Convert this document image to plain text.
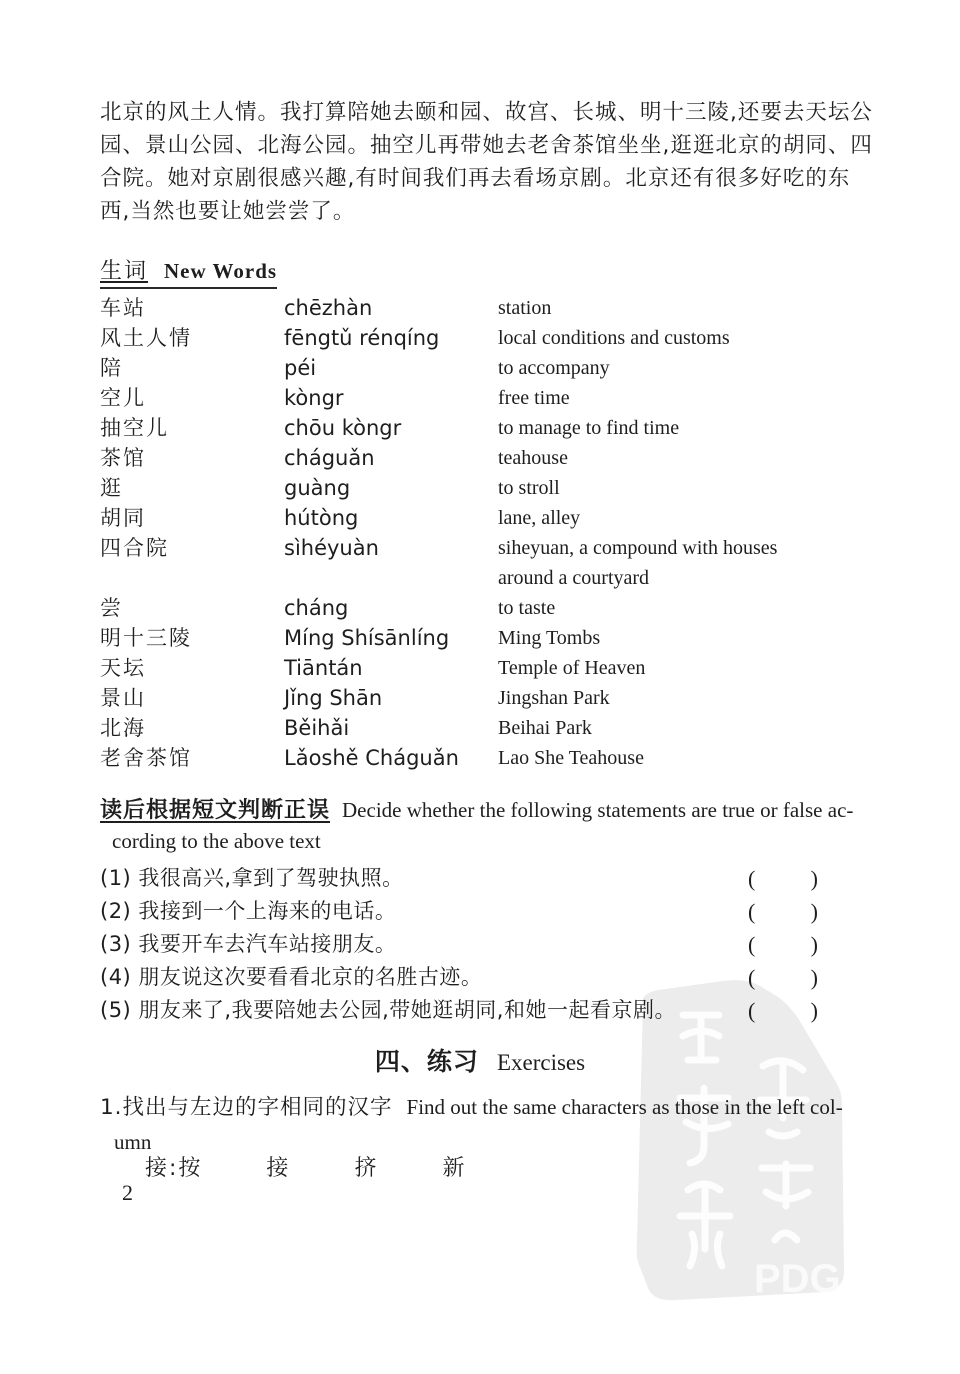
PDG
北京的风土人情。我打算陪她去颐和园、故宫、长城、明十三陵,还要去天坛公
园、景山公园、北海公园。抽空儿再带她去老舍茶馆坐坐,逛逛北京的胡同、四
合院。她对京剧很感兴趣,有时间我们再去看场京剧。北京还有很多好吃的东
西,当然也要让她尝尝了。
生词 New Words
车站	chēzhàn	station
风土人情	fēngtǔ rénqíng	local conditions and customs
陪	péi	to accompany
空儿	kòngr	free time
抽空儿	chōu kòngr	to manage to find time
茶馆	cháguǎn	teahouse
逛	guàng	to stroll
胡同	hútòng	lane, alley
四合院	sìhéyuàn	siheyuan, a compound with houses
around a courtyard
尝	cháng	to taste
明十三陵	Míng Shísānlíng	Ming Tombs
天坛	Tiāntán	Temple of Heaven
景山	Jǐng Shān	Jingshan Park
北海	Běihǎi	Beihai Park
老舍茶馆	Lǎoshě Cháguǎn	Lao She Teahouse
读后根据短文判断正误 Decide whether the following statements are true or false ac-
cording to the above text
(1) 我很高兴,拿到了驾驶执照。	(	)
(2) 我接到一个上海来的电话。	(	)
(3) 我要开车去汽车站接朋友。	(	)
(4) 朋友说这次要看看北京的名胜古迹。	(	)
(5) 朋友来了,我要陪她去公园,带她逛胡同,和她一起看京剧。	(	)
四、练习 Exercises
1.找出与左边的字相同的汉字 Find out the same characters as those in the left col-
umn
接:按	接	挤	新
2
